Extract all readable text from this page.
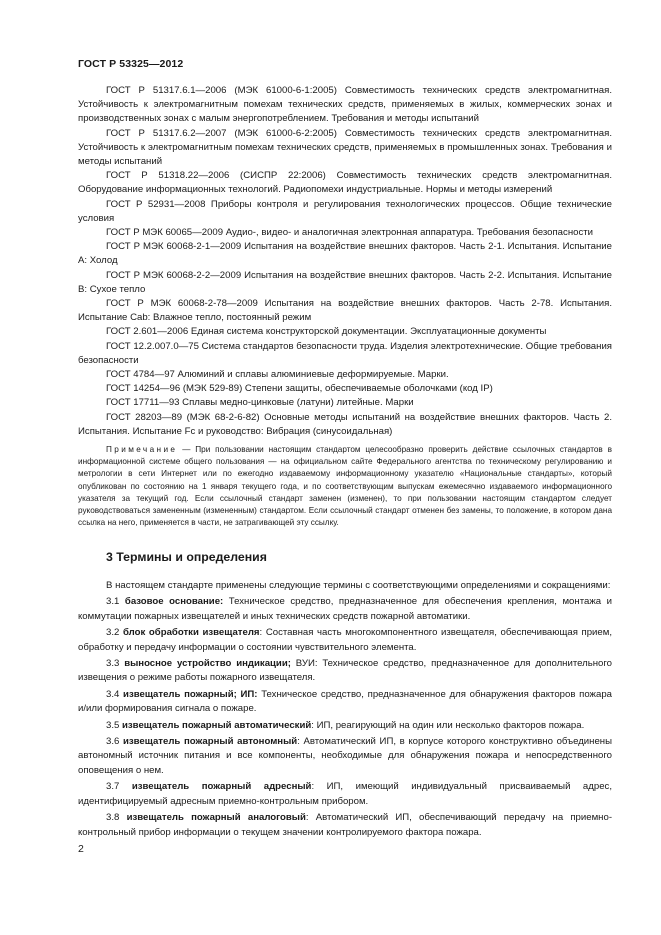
ГОСТ Р 53325—2012

ГОСТ Р 51317.6.1—2006 (МЭК 61000-6-1:2005) Совместимость технических средств электромагнитная. Устойчивость к электромагнитным помехам технических средств, применяемых в жилых, коммерческих зонах и производственных зонах с малым энергопотреблением. Требования и методы испытаний

ГОСТ Р 51317.6.2—2007 (МЭК 61000-6-2:2005) Совместимость технических средств электромагнитная. Устойчивость к электромагнитным помехам технических средств, применяемых в промышленных зонах. Требования и методы испытаний

ГОСТ Р 51318.22—2006 (СИСПР 22:2006) Совместимость технических средств электромагнитная. Оборудование информационных технологий. Радиопомехи индустриальные. Нормы и методы измерений

ГОСТ Р 52931—2008 Приборы контроля и регулирования технологических процессов. Общие технические условия

ГОСТ Р МЭК 60065—2009 Аудио-, видео- и аналогичная электронная аппаратура. Требования безопасности

ГОСТ Р МЭК 60068-2-1—2009 Испытания на воздействие внешних факторов. Часть 2-1. Испытания. Испытание А: Холод

ГОСТ Р МЭК 60068-2-2—2009 Испытания на воздействие внешних факторов. Часть 2-2. Испытания. Испытание В: Сухое тепло

ГОСТ Р МЭК 60068-2-78—2009 Испытания на воздействие внешних факторов. Часть 2-78. Испытания. Испытание Cab: Влажное тепло, постоянный режим

ГОСТ 2.601—2006 Единая система конструкторской документации. Эксплуатационные документы

ГОСТ 12.2.007.0—75 Система стандартов безопасности труда. Изделия электротехнические. Общие требования безопасности

ГОСТ 4784—97 Алюминий и сплавы алюминиевые деформируемые. Марки.

ГОСТ 14254—96 (МЭК 529-89) Степени защиты, обеспечиваемые оболочками (код IP)

ГОСТ 17711—93 Сплавы медно-цинковые (латуни) литейные. Марки

ГОСТ 28203—89 (МЭК 68-2-6-82) Основные методы испытаний на воздействие внешних факторов. Часть 2. Испытания. Испытание Fc и руководство: Вибрация (синусоидальная)

Примечание — При пользовании настоящим стандартом целесообразно проверить действие ссылочных стандартов в информационной системе общего пользования — на официальном сайте Федерального агентства по техническому регулированию и метрологии в сети Интернет или по ежегодно издаваемому информационному указателю «Национальные стандарты», который опубликован по состоянию на 1 января текущего года, и по соответствующим выпускам ежемесячно издаваемого информационного указателя за текущий год. Если ссылочный стандарт заменен (изменен), то при пользовании настоящим стандартом следует руководствоваться замененным (измененным) стандартом. Если ссылочный стандарт отменен без замены, то положение, в котором дана ссылка на него, применяется в части, не затрагивающей эту ссылку.

3 Термины и определения

В настоящем стандарте применены следующие термины с соответствующими определениями и сокращениями:

3.1 базовое основание: Техническое средство, предназначенное для обеспечения крепления, монтажа и коммутации пожарных извещателей и иных технических средств пожарной автоматики.

3.2 блок обработки извещателя: Составная часть многокомпонентного извещателя, обеспечивающая прием, обработку и передачу информации о состоянии чувствительного элемента.

3.3 выносное устройство индикации; ВУИ: Техническое средство, предназначенное для дополнительного извещения о режиме работы пожарного извещателя.

3.4 извещатель пожарный; ИП: Техническое средство, предназначенное для обнаружения факторов пожара и/или формирования сигнала о пожаре.

3.5 извещатель пожарный автоматический: ИП, реагирующий на один или несколько факторов пожара.

3.6 извещатель пожарный автономный: Автоматический ИП, в корпусе которого конструктивно объединены автономный источник питания и все компоненты, необходимые для обнаружения пожара и непосредственного оповещения о нем.

3.7 извещатель пожарный адресный: ИП, имеющий индивидуальный присваиваемый адрес, идентифицируемый адресным приемно-контрольным прибором.

3.8 извещатель пожарный аналоговый: Автоматический ИП, обеспечивающий передачу на приемно-контрольный прибор информации о текущем значении контролируемого фактора пожара.

2
